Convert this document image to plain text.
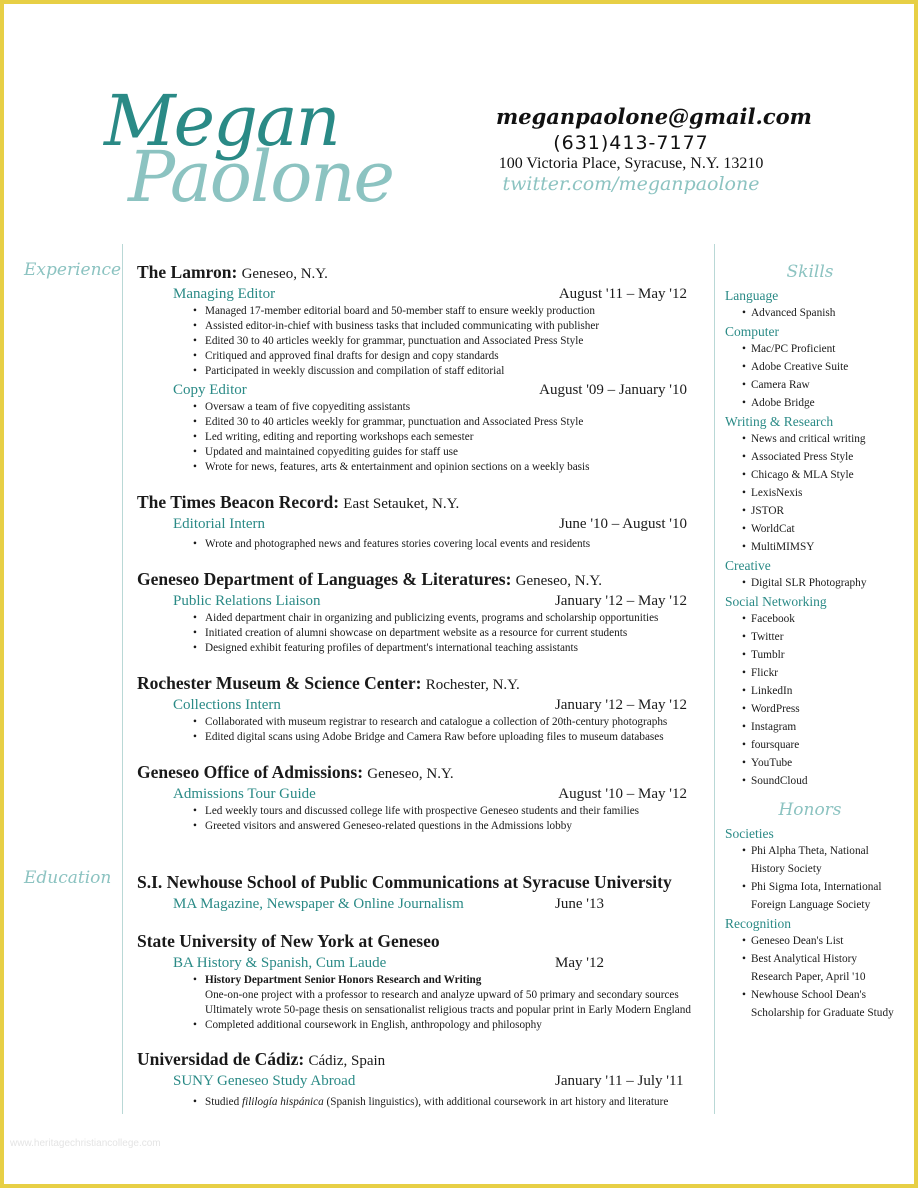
Megan
Paolone
meganpaolone@gmail.com
(631)413-7177
100 Victoria Place, Syracuse, N.Y. 13210
twitter.com/meganpaolone
Experience
Education
The Lamron: Geneseo, N.Y.
Managing Editor	August '11 – May '12
• Managed 17-member editorial board and 50-member staff to ensure weekly production
• Assisted editor-in-chief with business tasks that included communicating with publisher
• Edited 30 to 40 articles weekly for grammar, punctuation and Associated Press Style
• Critiqued and approved final drafts for design and copy standards
• Participated in weekly discussion and compilation of staff editorial
Copy Editor	August '09 – January '10
• Oversaw a team of five copyediting assistants
• Edited 30 to 40 articles weekly for grammar, punctuation and Associated Press Style
• Led writing, editing and reporting workshops each semester
• Updated and maintained copyediting guides for staff use
• Wrote for news, features, arts & entertainment and opinion sections on a weekly basis
The Times Beacon Record: East Setauket, N.Y.
Editorial Intern	June '10 – August '10
• Wrote and photographed news and features stories covering local events and residents
Geneseo Department of Languages & Literatures: Geneseo, N.Y.
Public Relations Liaison	January '12 – May '12
• Aided department chair in organizing and publicizing events, programs and scholarship opportunities
• Initiated creation of alumni showcase on department website as a resource for current students
• Designed exhibit featuring profiles of department's international teaching assistants
Rochester Museum & Science Center: Rochester, N.Y.
Collections Intern	January '12 – May '12
• Collaborated with museum registrar to research and catalogue a collection of 20th-century photographs
• Edited digital scans using Adobe Bridge and Camera Raw before uploading files to museum databases
Geneseo Office of Admissions: Geneseo, N.Y.
Admissions Tour Guide	August '10 – May '12
• Led weekly tours and discussed college life with prospective Geneseo students and their families
• Greeted visitors and answered Geneseo-related questions in the Admissions lobby
S.I. Newhouse School of Public Communications at Syracuse University
MA Magazine, Newspaper & Online Journalism	June '13
State University of New York at Geneseo
BA History & Spanish, Cum Laude	May '12
• History Department Senior Honors Research and Writing
One-on-one project with a professor to research and analyze upward of 50 primary and secondary sources
Ultimately wrote 50-page thesis on sensationalist religious tracts and popular print in Early Modern England
• Completed additional coursework in English, anthropology and philosophy
Universidad de Cádiz: Cádiz, Spain
SUNY Geneseo Study Abroad	January '11 – July '11
• Studied fililogía hispánica (Spanish linguistics), with additional coursework in art history and literature
Skills
Language
• Advanced Spanish
Computer
• Mac/PC Proficient
• Adobe Creative Suite
• Camera Raw
• Adobe Bridge
Writing & Research
• News and critical writing
• Associated Press Style
• Chicago & MLA Style
• LexisNexis
• JSTOR
• WorldCat
• MultiMIMSY
Creative
• Digital SLR Photography
Social Networking
• Facebook
• Twitter
• Tumblr
• Flickr
• LinkedIn
• WordPress
• Instagram
• foursquare
• YouTube
• SoundCloud
Honors
Societies
• Phi Alpha Theta, National History Society
• Phi Sigma Iota, International Foreign Language Society
Recognition
• Geneseo Dean's List
• Best Analytical History Research Paper, April '10
• Newhouse School Dean's Scholarship for Graduate Study
www.heritagechristiancollege.com
